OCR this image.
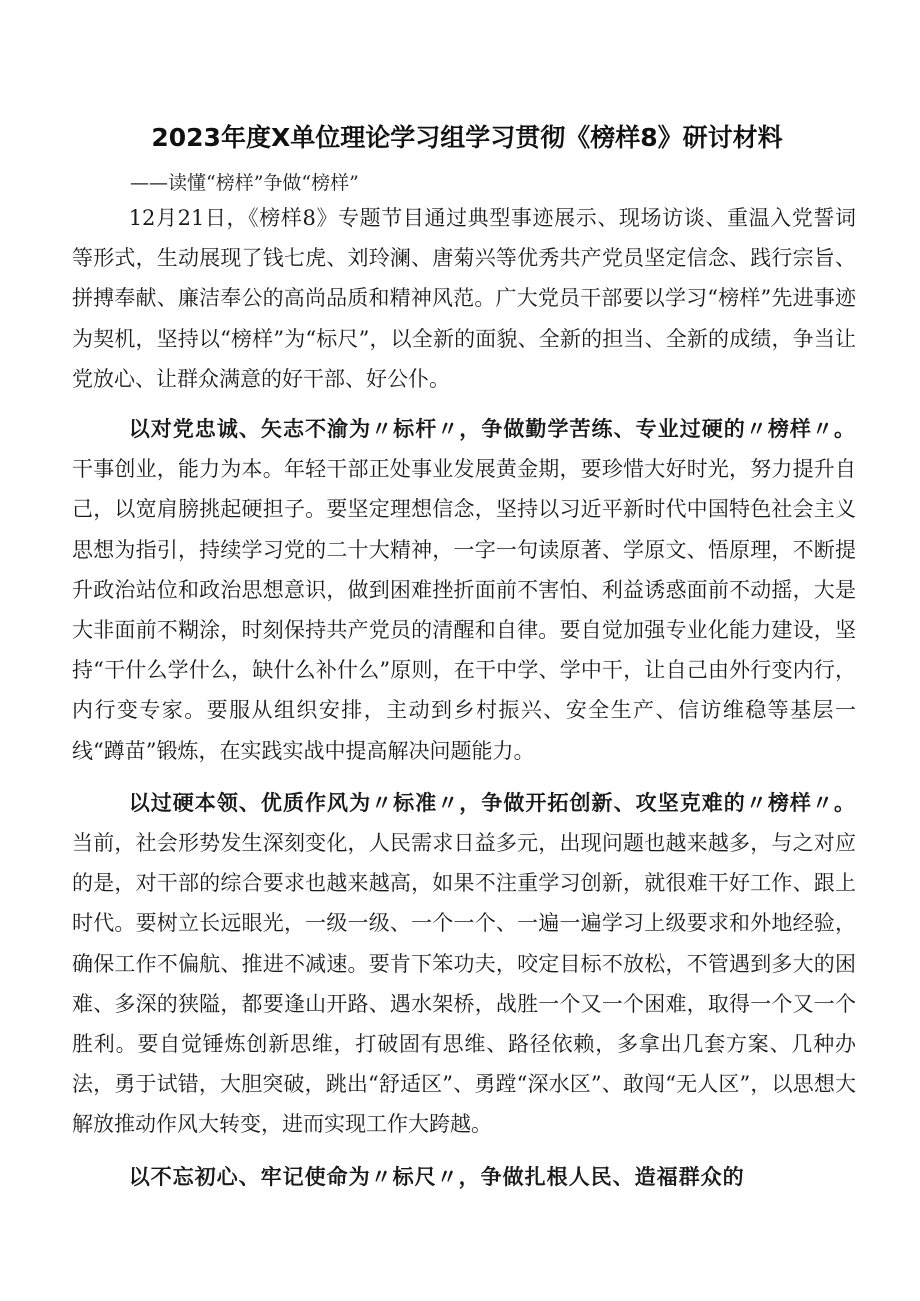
2023年度X单位理论学习组学习贯彻《榜样8》研讨材料
——读懂“榜样”争做“榜样”

12月21日，《榜样8》专题节目通过典型事迹展示、现场访谈、重温入党誓词等形式，生动展现了钱七虎、刘玲澜、唐菊兴等优秀共产党员坚定信念、践行宗旨、拼搏奉献、廉洁奉公的高尚品质和精神风范。广大党员干部要以学习“榜样”先进事迹为契机，坚持以“榜样”为“标尺”，以全新的面貌、全新的担当、全新的成绩，争当让党放心、让群众满意的好干部、好公仆。

以对党忠诚、矢志不渝为〃标杆〃，争做勤学苦练、专业过硬的〃榜样〃。干事创业，能力为本。年轻干部正处事业发展黄金期，要珍惜大好时光，努力提升自己，以宽肩膀挑起硬担子。要坚定理想信念，坚持以习近平新时代中国特色社会主义思想为指引，持续学习党的二十大精神，一字一句读原著、学原文、悟原理，不断提升政治站位和政治思想意识，做到困难挫折面前不害怕、利益诱惑面前不动摇，大是大非面前不糊涂，时刻保持共产党员的清醒和自律。要自觉加强专业化能力建设，坚持“干什么学什么，缺什么补什么”原则，在干中学、学中干，让自己由外行变内行，内行变专家。要服从组织安排，主动到乡村振兴、安全生产、信访维稳等基层一线“蹲苗”锻炼，在实践实战中提高解决问题能力。

以过硬本领、优质作风为〃标准〃，争做开拓创新、攻坚克难的〃榜样〃。当前，社会形势发生深刻变化，人民需求日益多元，出现问题也越来越多，与之对应的是，对干部的综合要求也越来越高，如果不注重学习创新，就很难干好工作、跟上时代。要树立长远眼光，一级一级、一个一个、一遍一遍学习上级要求和外地经验，确保工作不偏航、推进不减速。要肯下笨功夫，咬定目标不放松，不管遇到多大的困难、多深的狭隘，都要逢山开路、遇水架桥，战胜一个又一个困难，取得一个又一个胜利。要自觉锤炼创新思维，打破固有思维、路径依赖，多拿出几套方案、几种办法，勇于试错，大胆突破，跳出“舒适区”、勇蹚“深水区”、敢闯“无人区”，以思想大解放推动作风大转变，进而实现工作大跨越。

以不忘初心、牢记使命为〃标尺〃，争做扎根人民、造福群众的
